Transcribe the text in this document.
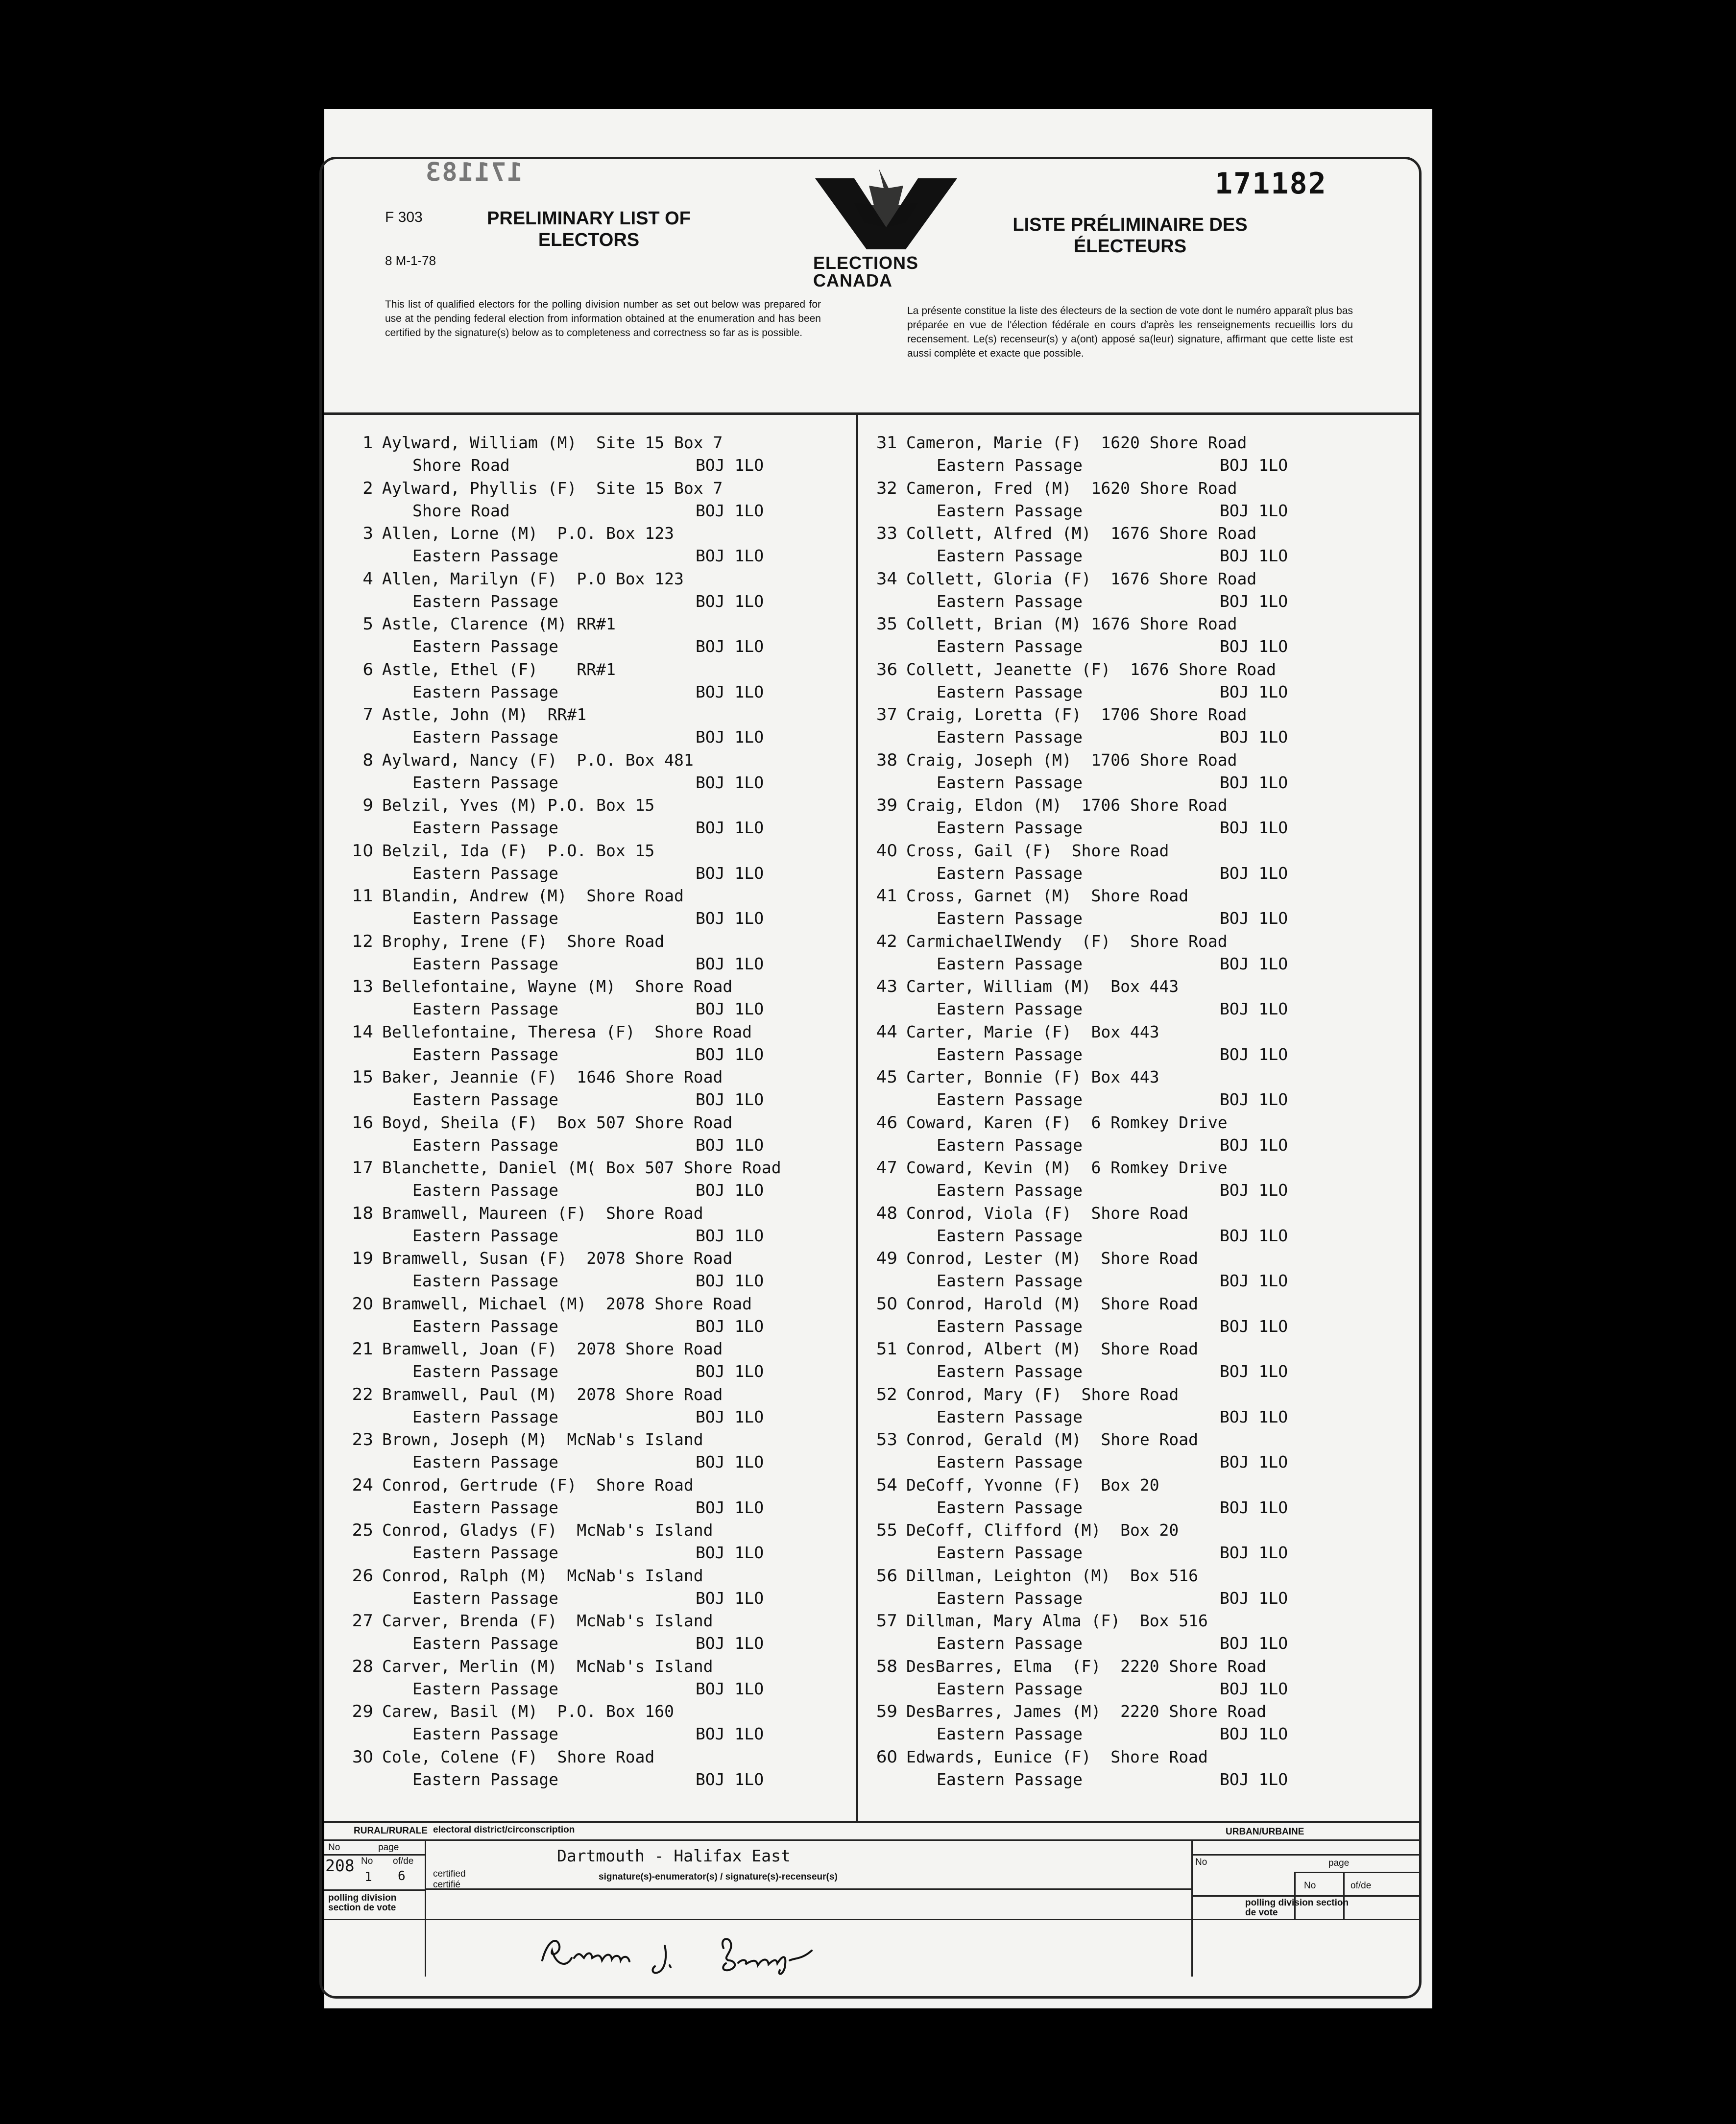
171183	171182
F 303
8 M-1-78
PRELIMINARY LIST OF ELECTORS
ELECTIONS CANADA
LISTE PRÉLIMINAIRE DES ÉLECTEURS
This list of qualified electors for the polling division number as set out below was prepared for use at the pending federal election from information obtained at the enumeration and has been certified by the signature(s) below as to completeness and correctness so far as is possible.
La présente constitue la liste des électeurs de la section de vote dont le numéro apparaît plus bas préparée en vue de l'élection fédérale en cours d'après les renseignements recueillis lors du recensement. Le(s) recenseur(s) y a(ont) apposé sa(leur) signature, affirmant que cette liste est aussi complète et exacte que possible.
1 Aylward, William (M)  Site 15 Box 7
Shore Road	BOJ 1LO
2 Aylward, Phyllis (F)  Site 15 Box 7
Shore Road	BOJ 1LO
3 Allen, Lorne (M)  P.O. Box 123
Eastern Passage	BOJ 1LO
4 Allen, Marilyn (F)  P.O Box 123
Eastern Passage	BOJ 1LO
5 Astle, Clarence (M) RR#1
Eastern Passage	BOJ 1LO
6 Astle, Ethel (F)    RR#1
Eastern Passage	BOJ 1LO
7 Astle, John (M)  RR#1
Eastern Passage	BOJ 1LO
8 Aylward, Nancy (F)  P.O. Box 481
Eastern Passage	BOJ 1LO
9 Belzil, Yves (M) P.O. Box 15
Eastern Passage	BOJ 1LO
10 Belzil, Ida (F)  P.O. Box 15
Eastern Passage	BOJ 1LO
11 Blandin, Andrew (M)  Shore Road
Eastern Passage	BOJ 1LO
12 Brophy, Irene (F)  Shore Road
Eastern Passage	BOJ 1LO
13 Bellefontaine, Wayne (M)  Shore Road
Eastern Passage	BOJ 1LO
14 Bellefontaine, Theresa (F)  Shore Road
Eastern Passage	BOJ 1LO
15 Baker, Jeannie (F)  1646 Shore Road
Eastern Passage	BOJ 1LO
16 Boyd, Sheila (F)  Box 507 Shore Road
Eastern Passage	BOJ 1LO
17 Blanchette, Daniel (M( Box 507 Shore Road
Eastern Passage	BOJ 1LO
18 Bramwell, Maureen (F)  Shore Road
Eastern Passage	BOJ 1LO
19 Bramwell, Susan (F)  2078 Shore Road
Eastern Passage	BOJ 1LO
20 Bramwell, Michael (M)  2078 Shore Road
Eastern Passage	BOJ 1LO
21 Bramwell, Joan (F)  2078 Shore Road
Eastern Passage	BOJ 1LO
22 Bramwell, Paul (M)  2078 Shore Road
Eastern Passage	BOJ 1LO
23 Brown, Joseph (M)  McNab's Island
Eastern Passage	BOJ 1LO
24 Conrod, Gertrude (F)  Shore Road
Eastern Passage	BOJ 1LO
25 Conrod, Gladys (F)  McNab's Island
Eastern Passage	BOJ 1LO
26 Conrod, Ralph (M)  McNab's Island
Eastern Passage	BOJ 1LO
27 Carver, Brenda (F)  McNab's Island
Eastern Passage	BOJ 1LO
28 Carver, Merlin (M)  McNab's Island
Eastern Passage	BOJ 1LO
29 Carew, Basil (M)  P.O. Box 160
Eastern Passage	BOJ 1LO
30 Cole, Colene (F)  Shore Road
Eastern Passage	BOJ 1LO
31 Cameron, Marie (F)  1620 Shore Road
Eastern Passage	BOJ 1LO
32 Cameron, Fred (M)  1620 Shore Road
Eastern Passage	BOJ 1LO
33 Collett, Alfred (M)  1676 Shore Road
Eastern Passage	BOJ 1LO
34 Collett, Gloria (F)  1676 Shore Road
Eastern Passage	BOJ 1LO
35 Collett, Brian (M) 1676 Shore Road
Eastern Passage	BOJ 1LO
36 Collett, Jeanette (F)  1676 Shore Road
Eastern Passage	BOJ 1LO
37 Craig, Loretta (F)  1706 Shore Road
Eastern Passage	BOJ 1LO
38 Craig, Joseph (M)  1706 Shore Road
Eastern Passage	BOJ 1LO
39 Craig, Eldon (M)  1706 Shore Road
Eastern Passage	BOJ 1LO
40 Cross, Gail (F)  Shore Road
Eastern Passage	BOJ 1LO
41 Cross, Garnet (M)  Shore Road
Eastern Passage	BOJ 1LO
42 CarmichaelIWendy  (F)  Shore Road
Eastern Passage	BOJ 1LO
43 Carter, William (M)  Box 443
Eastern Passage	BOJ 1LO
44 Carter, Marie (F)  Box 443
Eastern Passage	BOJ 1LO
45 Carter, Bonnie (F) Box 443
Eastern Passage	BOJ 1LO
46 Coward, Karen (F)  6 Romkey Drive
Eastern Passage	BOJ 1LO
47 Coward, Kevin (M)  6 Romkey Drive
Eastern Passage	BOJ 1LO
48 Conrod, Viola (F)  Shore Road
Eastern Passage	BOJ 1LO
49 Conrod, Lester (M)  Shore Road
Eastern Passage	BOJ 1LO
50 Conrod, Harold (M)  Shore Road
Eastern Passage	BOJ 1LO
51 Conrod, Albert (M)  Shore Road
Eastern Passage	BOJ 1LO
52 Conrod, Mary (F)  Shore Road
Eastern Passage	BOJ 1LO
53 Conrod, Gerald (M)  Shore Road
Eastern Passage	BOJ 1LO
54 DeCoff, Yvonne (F)  Box 20
Eastern Passage	BOJ 1LO
55 DeCoff, Clifford (M)  Box 20
Eastern Passage	BOJ 1LO
56 Dillman, Leighton (M)  Box 516
Eastern Passage	BOJ 1LO
57 Dillman, Mary Alma (F)  Box 516
Eastern Passage	BOJ 1LO
58 DesBarres, Elma  (F)  2220 Shore Road
Eastern Passage	BOJ 1LO
59 DesBarres, James (M)  2220 Shore Road
Eastern Passage	BOJ 1LO
60 Edwards, Eunice (F)  Shore Road
Eastern Passage	BOJ 1LO
RURAL/RURALE	URBAN/URBAINE
No	page
No of/de
208
1 6
electoral district/circonscription
Dartmouth - Halifax East
certified certifié
signature(s)-enumerator(s) / signature(s)-recenseur(s)
No	page
No	of/de
polling division section de vote	polling division section de vote
